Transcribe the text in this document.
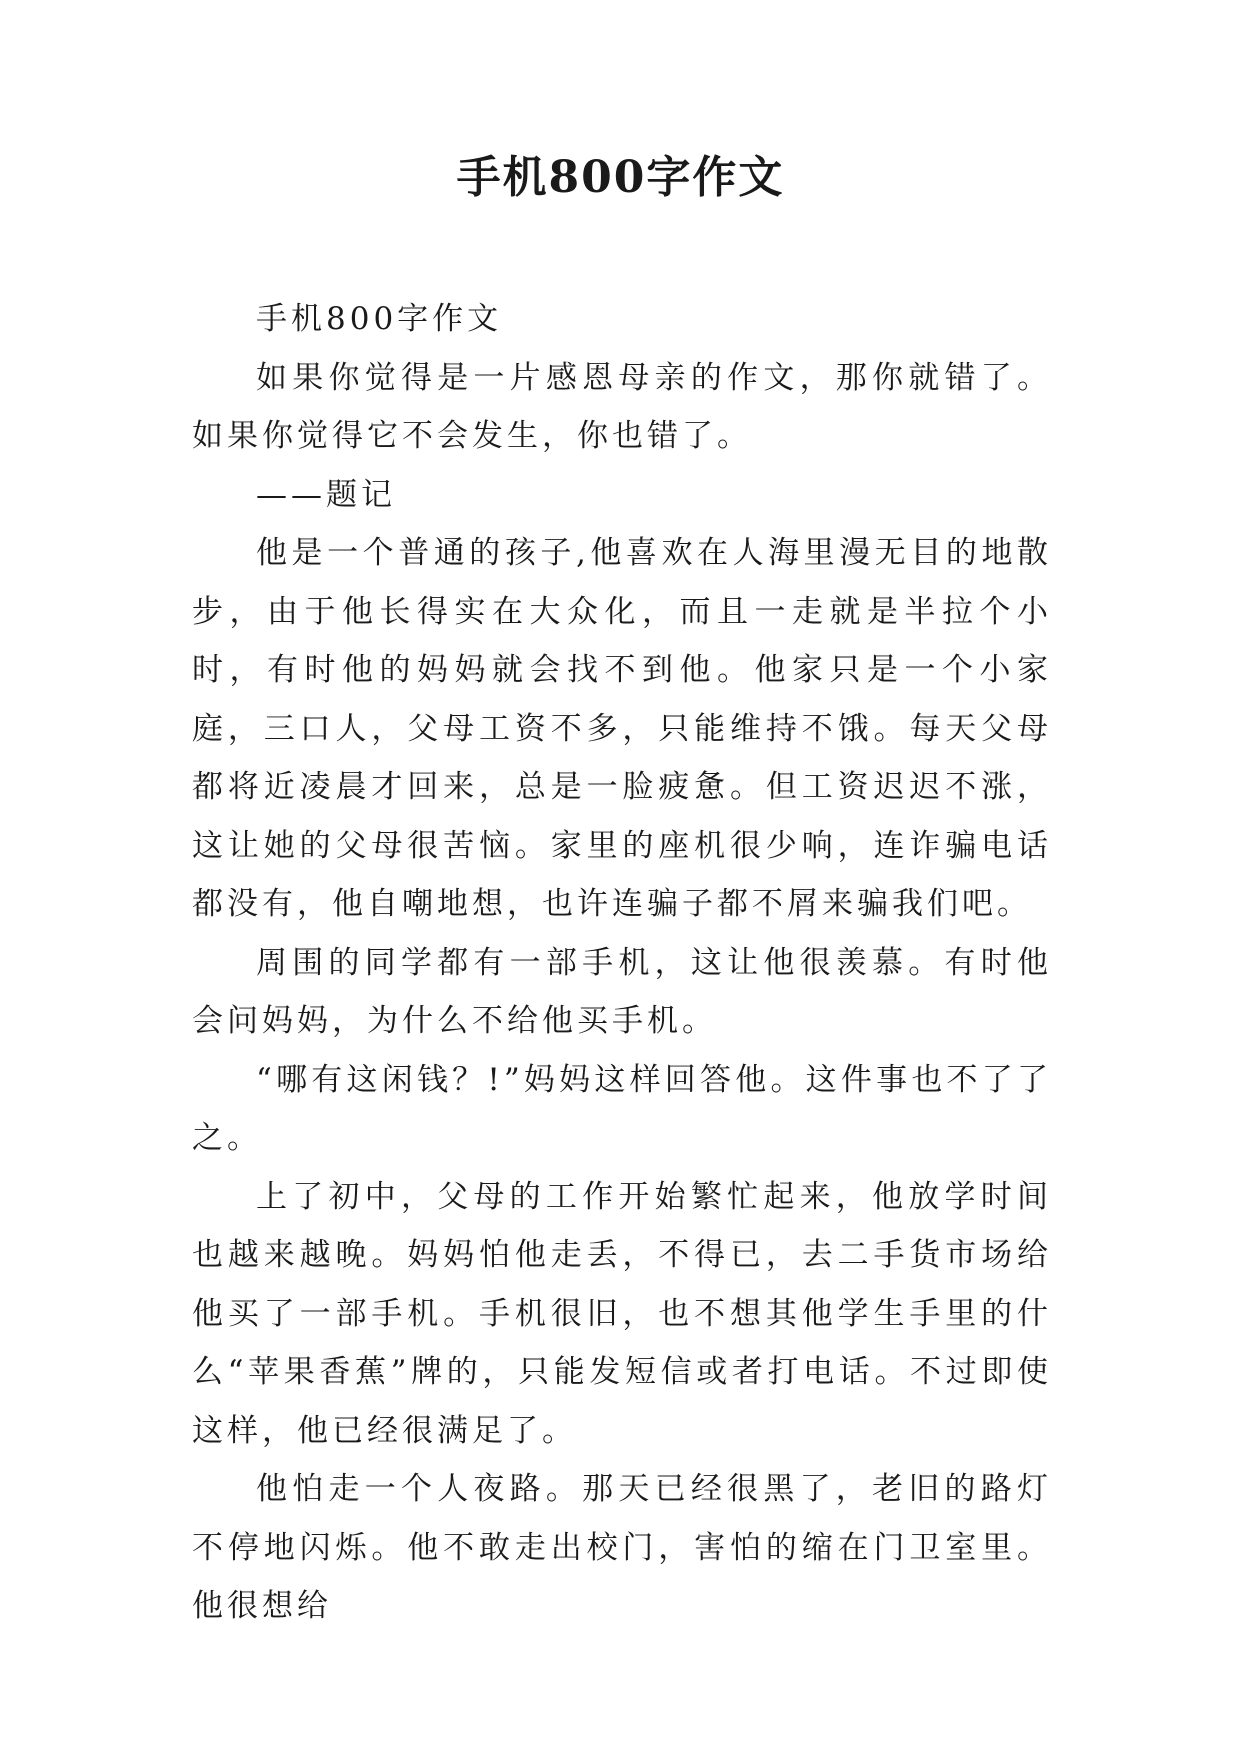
手机800字作文

手机800字作文

如果你觉得是一片感恩母亲的作文，那你就错了。如果你觉得它不会发生，你也错了。

——题记

他是一个普通的孩子,他喜欢在人海里漫无目的地散步，由于他长得实在大众化，而且一走就是半拉个小时，有时他的妈妈就会找不到他。他家只是一个小家庭，三口人，父母工资不多，只能维持不饿。每天父母都将近凌晨才回来，总是一脸疲惫。但工资迟迟不涨，这让她的父母很苦恼。家里的座机很少响，连诈骗电话都没有，他自嘲地想，也许连骗子都不屑来骗我们吧。

周围的同学都有一部手机，这让他很羡慕。有时他会问妈妈，为什么不给他买手机。

“哪有这闲钱？!”妈妈这样回答他。这件事也不了了之。

上了初中，父母的工作开始繁忙起来，他放学时间也越来越晚。妈妈怕他走丢，不得已，去二手货市场给他买了一部手机。手机很旧，也不想其他学生手里的什么“苹果香蕉”牌的，只能发短信或者打电话。不过即使这样，他已经很满足了。

他怕走一个人夜路。那天已经很黑了，老旧的路灯不停地闪烁。他不敢走出校门，害怕的缩在门卫室里。他很想给
